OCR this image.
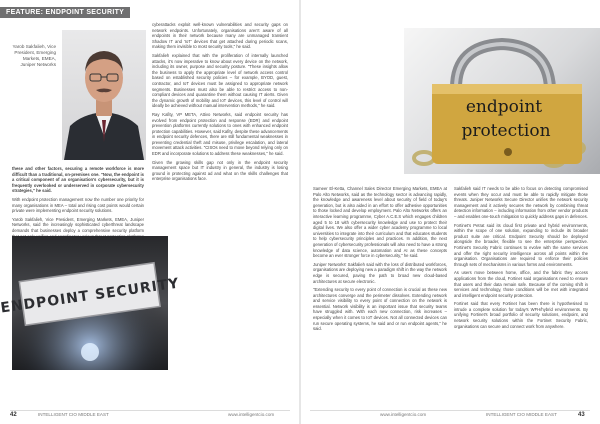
FEATURE: ENDPOINT SECURITY
Yarob Sakfalieh, Vice President, Emerging Markets, EMEA, Juniper Networks

these and other factors, securing a remote workforce is more difficult than a traditional, on-premises one. "Now, the endpoint is a critical component of an organisation's cybersecurity, but it is frequently overlooked or underserved in corporate cybersecurity strategies," he said.

With endpoint protection management now the number one priority for many organisations in MEA – total and rising cost points would certain private were implementing endpoint security solutions.

Yarob Sakfalieh, Vice President, Emerging Markets, EMEA, Juniper Networks, said the increasingly sophisticated cyberthreat landscape demands that businesses deploy a comprehensive security platform

ENDPOINT SECURITY

cyberattacks exploit well-known vulnerabilities and security gaps on network endpoints. Unfortunately, organisations aren't aware of all endpoints in their network because many are unmanaged transient Shadow IT and 'IoT' devices that get attached during periodic scans, making them invisible to most security tools," he said.

Sakfalieh explained that with the proliferation of internally launched attacks, it's now imperative to know about every device on the network, including its owner, purpose and security posture. "These insights allow the business to apply the appropriate level of network access control based on established security policies – for example, BYOD, guest, contractor, and IoT devices must be assigned to appropriate network segments. Businesses must also be able to restrict access to non-compliant devices and quarantine them without causing IT alerts. Given the dynamic growth of mobility and IoT devices, this level of control will ideally be achieved without manual intervention methods," he said.

Ray Kafity, VP META, Attivo Networks, said endpoint security has evolved from endpoint protection and response (EDR) and endpoint prevention platforms currently solutions to ones with enhanced endpoint protection capabilities. However, said Kafity, despite these advancements in endpoint security defences, there are still fundamental weaknesses in preventing credential theft and misuse, privilege escalation, and lateral movement attack activities. "CISOs need to move beyond relying only on EDR and incorporate solutions to address these weaknesses," he said.

Given the growing skills gap not only in the endpoint security management space but IT industry in general, the industry is losing ground in protecting against ad and what on the skills challenges that enterprise organisations face.

42	INTELLIGENT CIO MIDDLE EAST	www.intelligentcio.com

Sameer El-Ketta, Channel Sales Director Emerging Markets, EMEA at Palo Alto Networks, said as the technology sector is advancing rapidly, the knowledge and awareness level about security of field of today's generation, but is also aided in an effort to offer adhesive opportunities to those locked and develop employment. Palo Alto Networks offers an interactive learning programme, Cyber A.C.E.S which engages children aged 5 to 18 with cybersecurity knowledge and use to protect their digital lives. We also offer a wider cyber academy programme to local universities to integrate into their curriculum and that educates students to help cybersecurity principles and practices. In addition, the next generation of cybersecurity professionals will also need to have a strong knowledge of data science, automation and AI as these concepts become an ever stronger force in cybersecurity," he said.

Juniper Networks' Sakfalieh said with the loss of distributed workforces, organisations are deploying new a paradigm shift in the way the network edge is secured, paving the path to broad new cloud-based architectures at secure electronic.

"Extending security to every point of connection is crucial as these new architectures converge and the perimeter dissolves. Extending network and service visibility to every point of connection on the network is essential. Network visibility is an important issue that security teams have struggled with. With each new connection, risk increases – especially when it comes to IoT devices. Not all connected devices can run secure operating systems, he said and or run endpoint agents," he said.

Sakfalieh said IT needs to be able to focus on detecting compromised events when they occur and must be able to rapidly mitigate those threats. Juniper Networks Secure Director unifies the network security management and it actively secures the network by combining threat detection information – including information from other vendor products – and enables one-touch mitigation to quickly address gaps in defences.

Fortinet's Petrat said its cloud first private and hybrid environments, within the scope of one solution, expanding to include its broader product suite are critical. Endpoint Security should be deployed alongside the broader, flexible to see the enterprise perspective. Fortinet's Security Fabric continues to evolve with the same services and offer the right security intelligence across all points within the organisation. Organisations are required to enforce their policies through sets of mechanisms in various forms and environments.

As users move between home, office, and the fabric they access applications from the cloud, Fortinet said organisations need to ensure that users and their data remain safe. Because of the coming shift in services and technology, those conditions will be met with integrated and intelligent endpoint security protection.

Fortinet said that every Fortinet has been there is hypothesised to intrude a complete solution for today's WFH/hybrid environments. By unifying Fortinet's broad portfolio of security solutions, endpoint, and network security solutions within the Fortinet Security Fabric, organisations can secure and connect work from anywhere.

www.intelligentcio.com	INTELLIGENT CIO MIDDLE EAST	43
endpoint
protection
